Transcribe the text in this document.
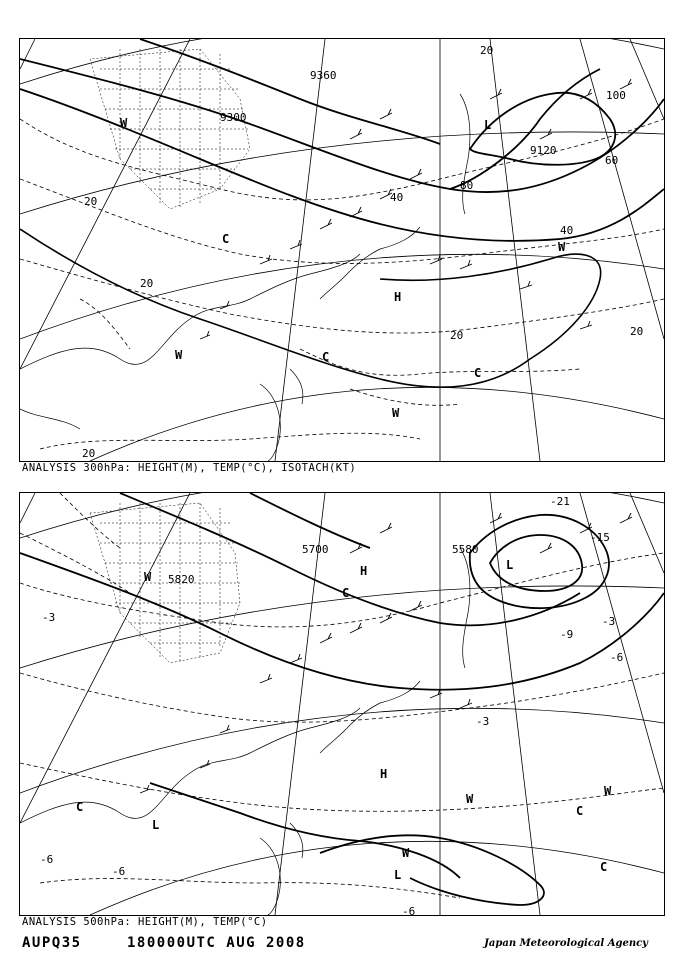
9360
9300
9120
20
40
60
80
100
20
20	20
20
20	40
H
L
W
W
W
W
C
C
C
ANALYSIS 300hPa: HEIGHT(M), TEMP(°C), ISOTACH(KT)
5700
5820
5580
-3
-3
-3
-6
-6
-6
-6
-9
-15
-21
H
H
L
L
L
W
W
W
W
C
C	C
C
ANALYSIS 500hPa: HEIGHT(M), TEMP(°C)
AUPQ35	180000UTC AUG 2008	Japan Meteorological Agency
